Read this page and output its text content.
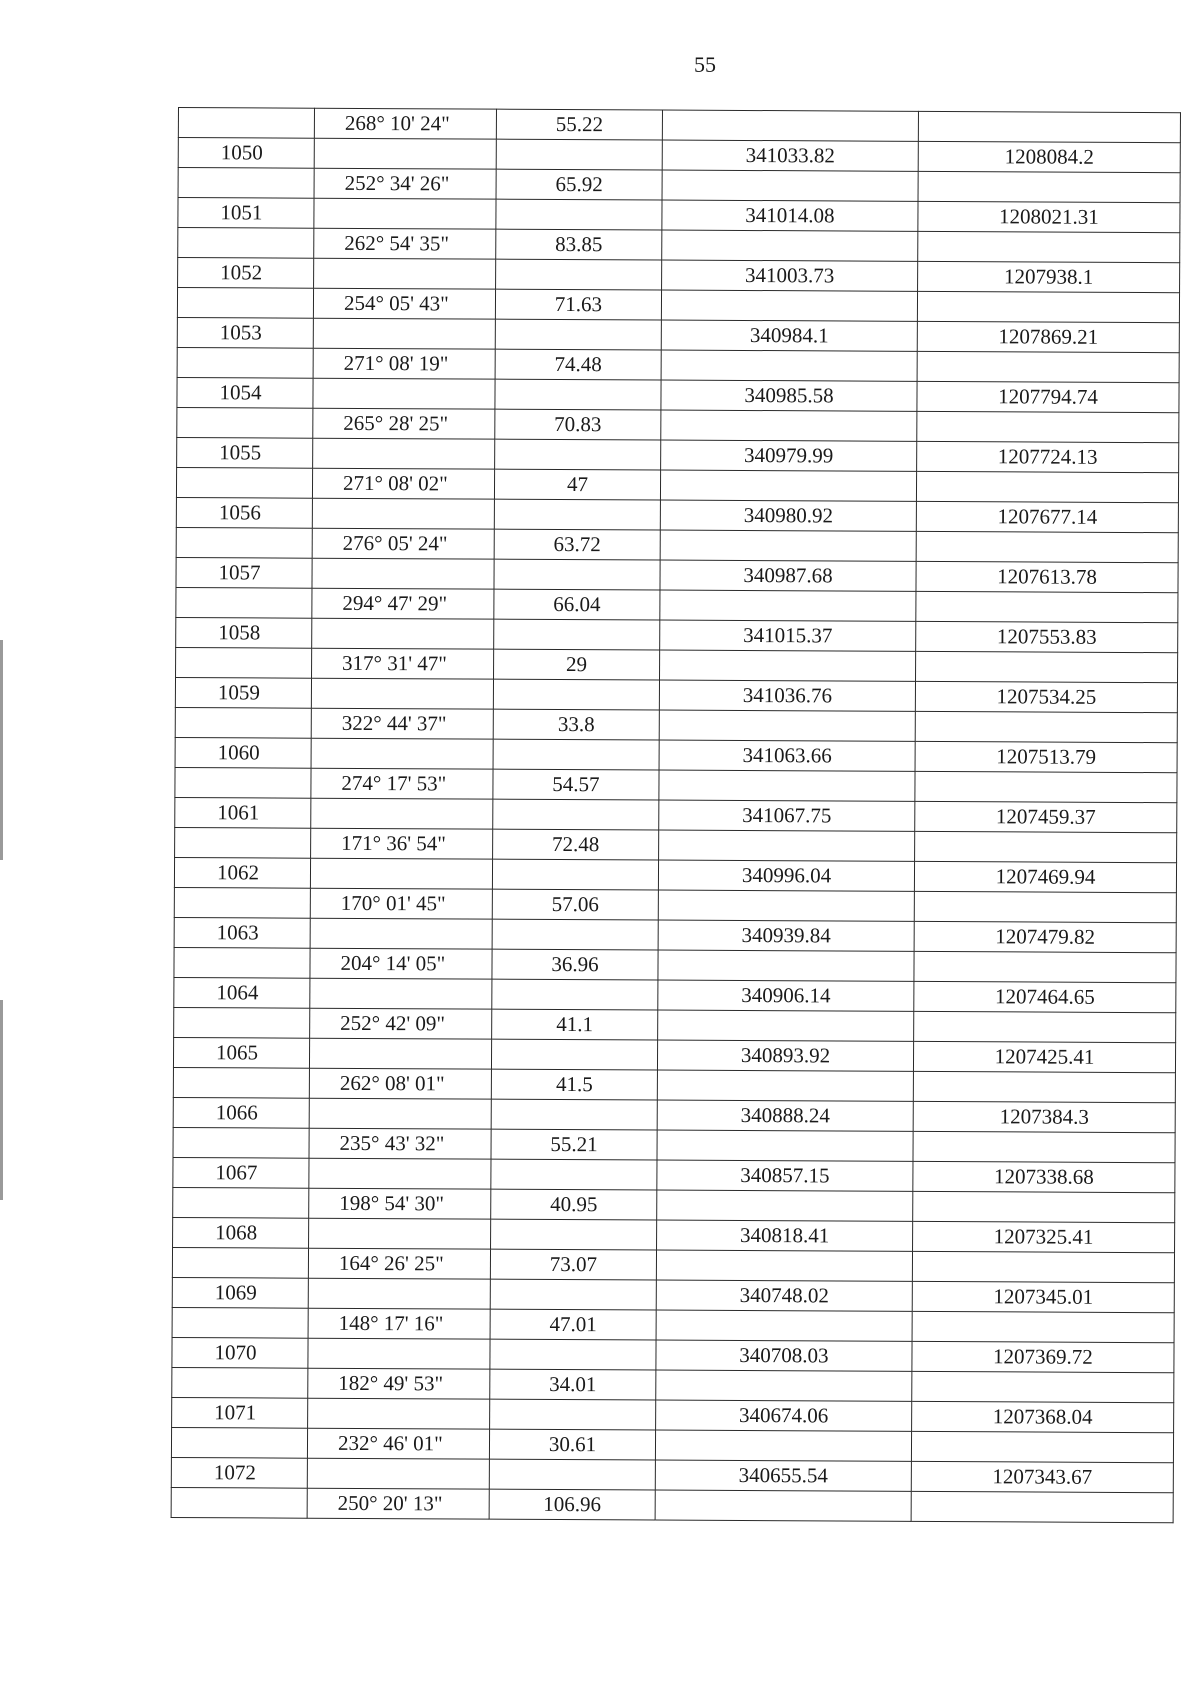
55
	268° 10' 24"	55.22		
1050			341033.82	1208084.2
	252° 34' 26"	65.92		
1051			341014.08	1208021.31
	262° 54' 35"	83.85		
1052			341003.73	1207938.1
	254° 05' 43"	71.63		
1053			340984.1	1207869.21
	271° 08' 19"	74.48		
1054			340985.58	1207794.74
	265° 28' 25"	70.83		
1055			340979.99	1207724.13
	271° 08' 02"	47		
1056			340980.92	1207677.14
	276° 05' 24"	63.72		
1057			340987.68	1207613.78
	294° 47' 29"	66.04		
1058			341015.37	1207553.83
	317° 31' 47"	29		
1059			341036.76	1207534.25
	322° 44' 37"	33.8		
1060			341063.66	1207513.79
	274° 17' 53"	54.57		
1061			341067.75	1207459.37
	171° 36' 54"	72.48		
1062			340996.04	1207469.94
	170° 01' 45"	57.06		
1063			340939.84	1207479.82
	204° 14' 05"	36.96		
1064			340906.14	1207464.65
	252° 42' 09"	41.1		
1065			340893.92	1207425.41
	262° 08' 01"	41.5		
1066			340888.24	1207384.3
	235° 43' 32"	55.21		
1067			340857.15	1207338.68
	198° 54' 30"	40.95		
1068			340818.41	1207325.41
	164° 26' 25"	73.07		
1069			340748.02	1207345.01
	148° 17' 16"	47.01		
1070			340708.03	1207369.72
	182° 49' 53"	34.01		
1071			340674.06	1207368.04
	232° 46' 01"	30.61		
1072			340655.54	1207343.67
	250° 20' 13"	106.96		
